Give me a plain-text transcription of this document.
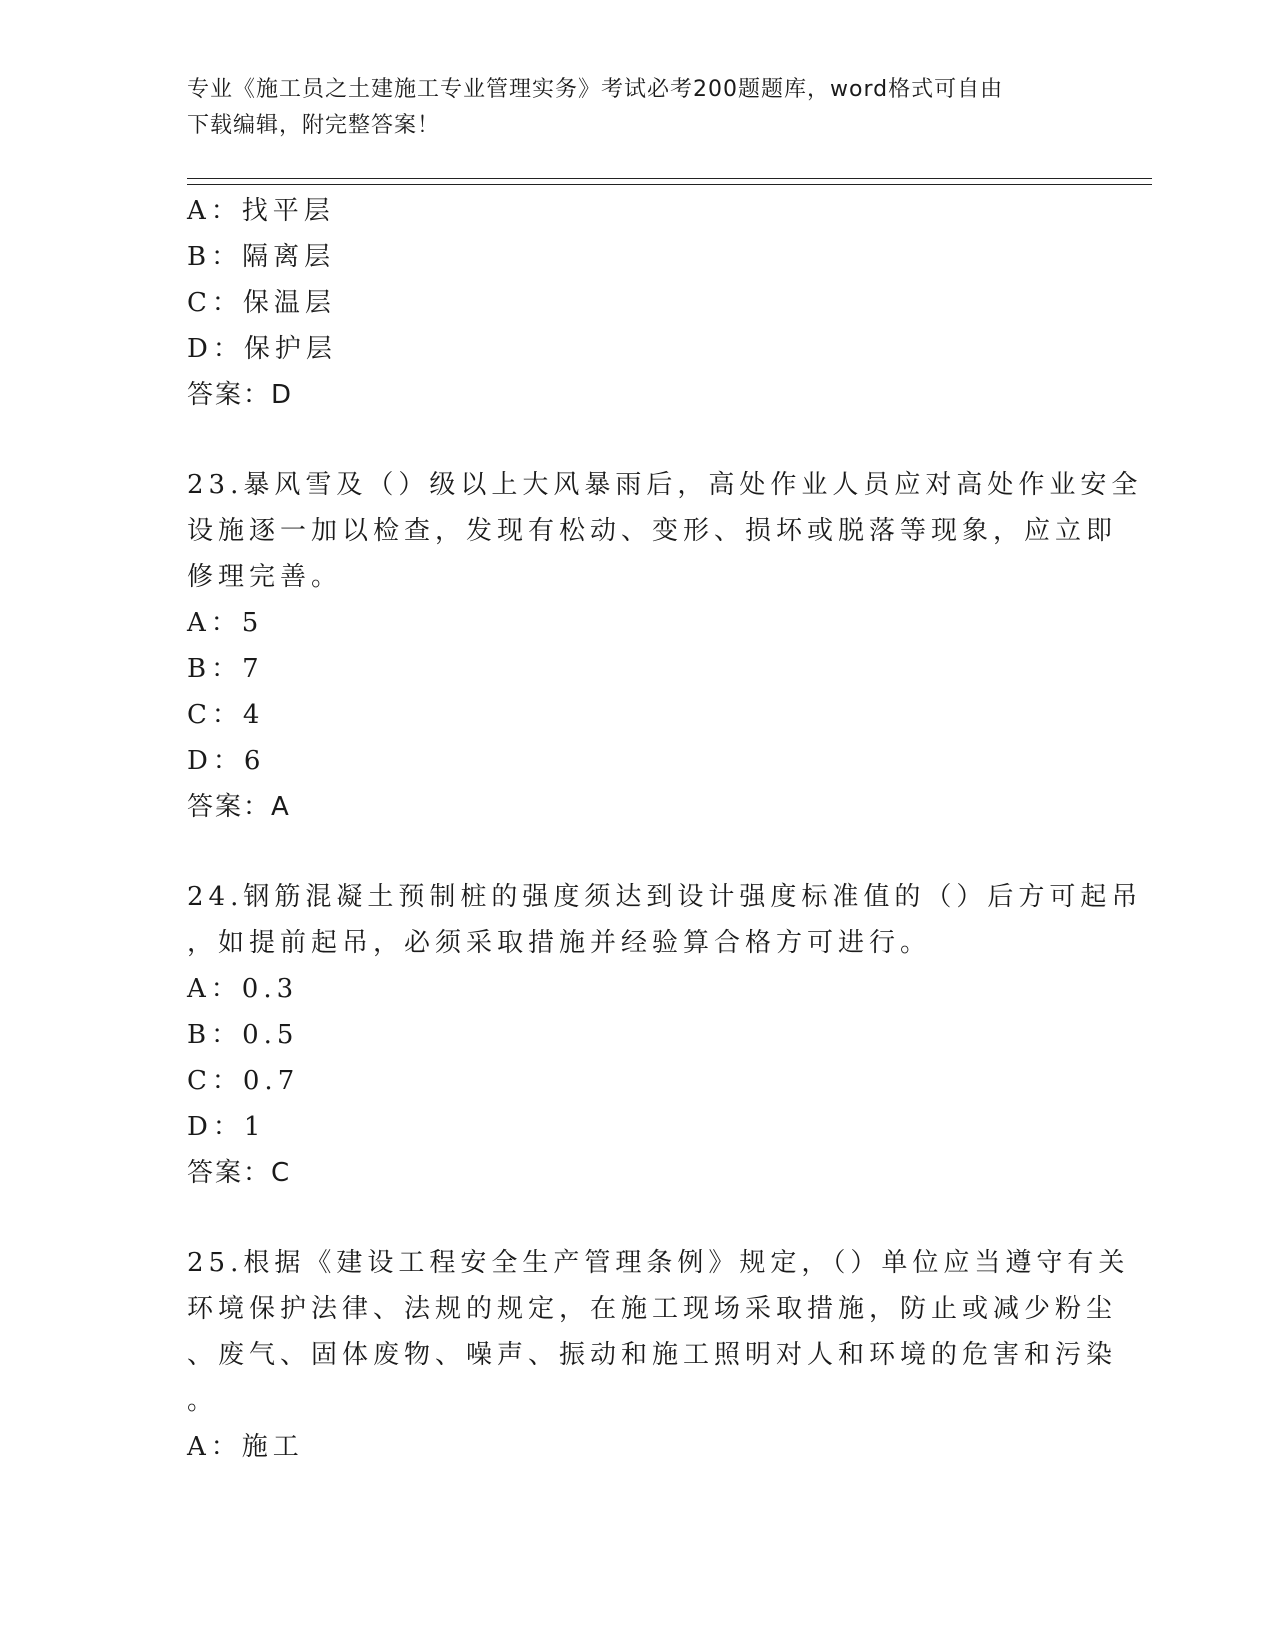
专业《施工员之土建施工专业管理实务》考试必考200题题库，word格式可自由
下载编辑，附完整答案！
A：找平层
B：隔离层
C：保温层
D：保护层
答案：D
23.暴风雪及（）级以上大风暴雨后，高处作业人员应对高处作业安全
设施逐一加以检查，发现有松动、变形、损坏或脱落等现象，应立即
修理完善。
A：5
B：7
C：4
D：6
答案：A
24.钢筋混凝土预制桩的强度须达到设计强度标准值的（）后方可起吊
，如提前起吊，必须采取措施并经验算合格方可进行。
A：0.3
B：0.5
C：0.7
D：1
答案：C
25.根据《建设工程安全生产管理条例》规定，（）单位应当遵守有关
环境保护法律、法规的规定，在施工现场采取措施，防止或减少粉尘
、废气、固体废物、噪声、振动和施工照明对人和环境的危害和污染
。
A：施工
